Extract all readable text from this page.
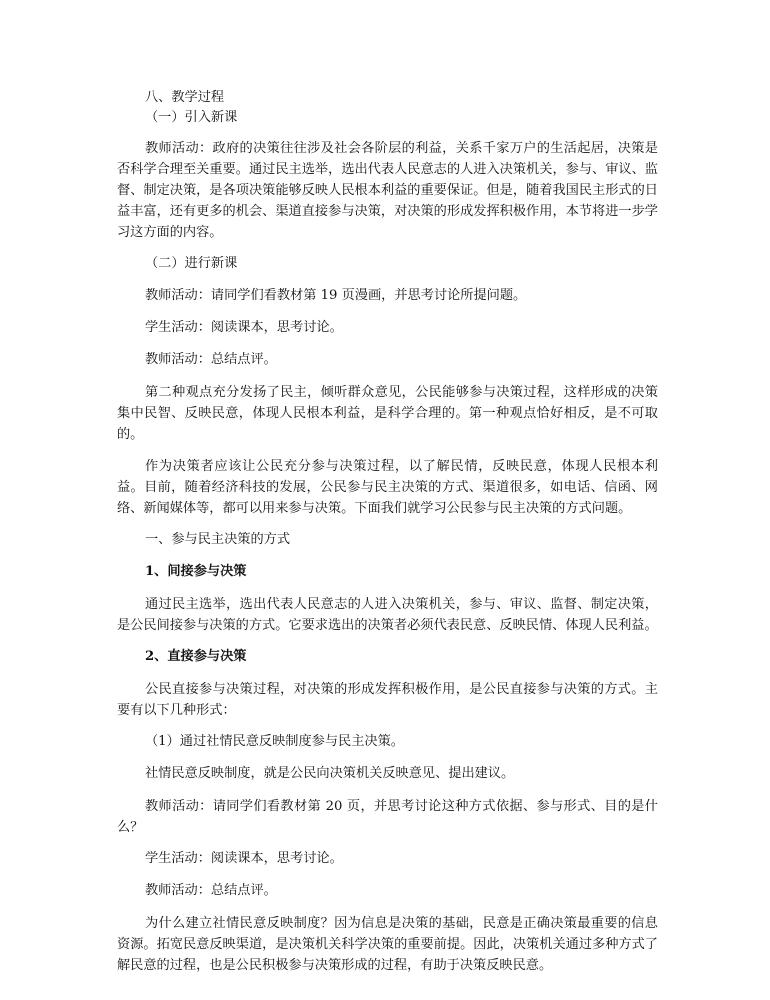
八、教学过程

（一）引入新课

教师活动：政府的决策往往涉及社会各阶层的利益，关系千家万户的生活起居，决策是否科学合理至关重要。通过民主选举，选出代表人民意志的人进入决策机关，参与、审议、监督、制定决策，是各项决策能够反映人民根本利益的重要保证。但是，随着我国民主形式的日益丰富，还有更多的机会、渠道直接参与决策，对决策的形成发挥积极作用，本节将进一步学习这方面的内容。

（二）进行新课

教师活动：请同学们看教材第 19 页漫画，并思考讨论所提问题。

学生活动：阅读课本，思考讨论。

教师活动：总结点评。

第二种观点充分发扬了民主，倾听群众意见，公民能够参与决策过程，这样形成的决策集中民智、反映民意，体现人民根本利益，是科学合理的。第一种观点恰好相反，是不可取的。

作为决策者应该让公民充分参与决策过程，以了解民情，反映民意，体现人民根本利益。目前，随着经济科技的发展，公民参与民主决策的方式、渠道很多，如电话、信函、网络、新闻媒体等，都可以用来参与决策。下面我们就学习公民参与民主决策的方式问题。

一、参与民主决策的方式

1、间接参与决策

通过民主选举，选出代表人民意志的人进入决策机关，参与、审议、监督、制定决策，是公民间接参与决策的方式。它要求选出的决策者必须代表民意、反映民情、体现人民利益。

2、直接参与决策

公民直接参与决策过程，对决策的形成发挥积极作用，是公民直接参与决策的方式。主要有以下几种形式：

（1）通过社情民意反映制度参与民主决策。

社情民意反映制度，就是公民向决策机关反映意见、提出建议。

教师活动：请同学们看教材第 20 页，并思考讨论这种方式依据、参与形式、目的是什么？

学生活动：阅读课本，思考讨论。

教师活动：总结点评。

为什么建立社情民意反映制度？因为信息是决策的基础，民意是正确决策最重要的信息资源。拓宽民意反映渠道，是决策机关科学决策的重要前提。因此，决策机关通过多种方式了解民意的过程，也是公民积极参与决策形成的过程，有助于决策反映民意。
